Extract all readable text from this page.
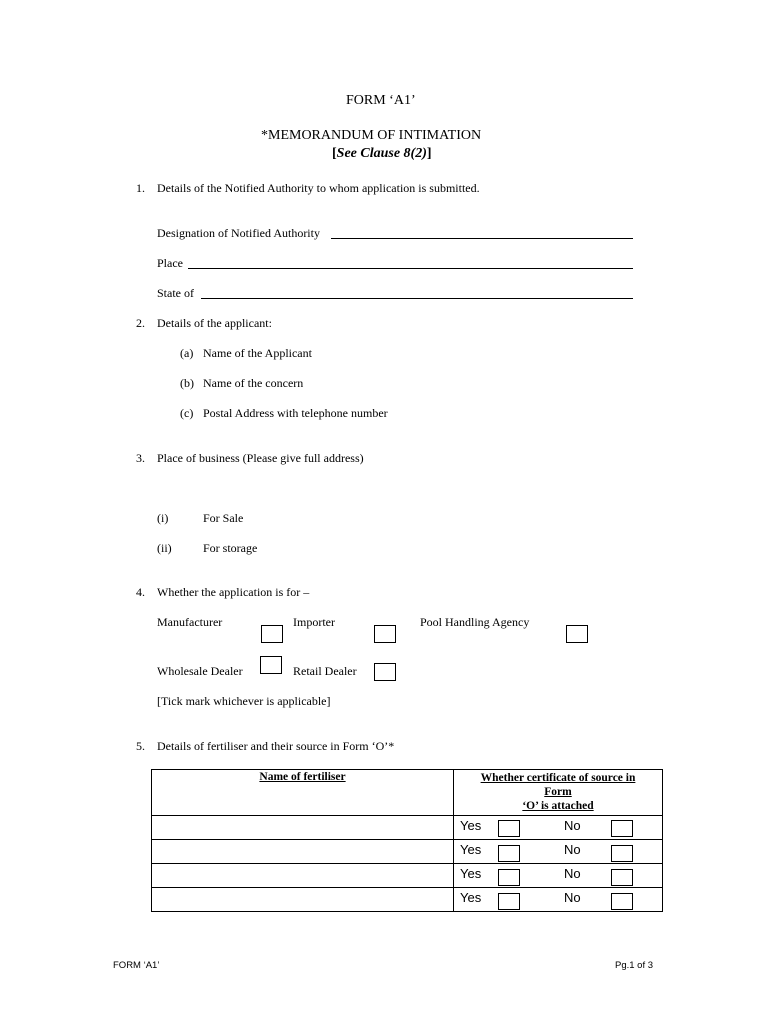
FORM ‘A1’
*MEMORANDUM OF INTIMATION
[See Clause 8(2)]
1. Details of the Notified Authority to whom application is submitted.
Designation of Notified Authority
Place
State of
2. Details of the applicant:
(a) Name of the Applicant
(b) Name of the concern
(c) Postal Address with telephone number
3. Place of business (Please give full address)
(i)	For Sale
(ii)	For storage
4. Whether the application is for –
Manufacturer	Importer	Pool Handling Agency
Wholesale Dealer	Retail Dealer
[Tick mark whichever is applicable]
5. Details of fertiliser and their source in Form ‘O’*
Name of fertiliser	Whether certificate of source in Form
‘O’ is attached

	Yes No

	Yes No

	Yes No

	Yes No
FORM ‘A1’	Pg.1 of 3
